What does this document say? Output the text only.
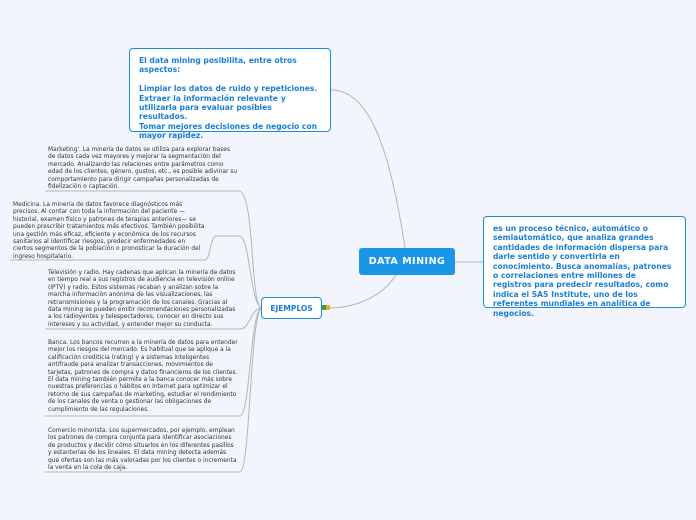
El data mining posibilita, entre otros aspectos:

Limpiar los datos de ruido y repeticiones.
Extraer la información relevante y utilizarla para evaluar posibles resultados.
Tomar mejores decisiones de negocio con mayor rapidez.
es un proceso técnico, automático o semiautomático, que analiza grandes cantidades de información dispersa para darle sentido y convertirla en conocimiento. Busca anomalías, patrones o correlaciones entre millones de registros para predecir resultados, como indica el SAS Institute, uno de los referentes mundiales en analítica de negocios.
DATA MINING
EJEMPLOS
Marketing'. La minería de datos se utiliza para explorar bases de datos cada vez mayores y mejorar la segmentación del mercado. Analizando las relaciones entre parámetros como edad de los clientes, género, gustos, etc., es posible adivinar su comportamiento para dirigir campañas personalizadas de fidelización o captación.
Medicina. La minería de datos favorece diagnósticos más precisos. Al contar con toda la información del paciente — historial, examen físico y patrones de terapias anteriores— se pueden prescribir tratamientos más efectivos. También posibilita una gestión más eficaz, eficiente y económica de los recursos sanitarios al identificar riesgos, predecir enfermedades en ciertos segmentos de la población o pronosticar la duración del ingreso hospitalario.
Televisión y radio. Hay cadenas que aplican la minería de datos en tiempo real a sus registros de audiencia en televisión online (IPTV) y radio. Estos sistemas recaban y analizan sobre la marcha información anónima de las visualizaciones, las retransmisiones y la programación de los canales. Gracias al data mining se pueden emitir recomendaciones personalizadas a los radioyentes y telespectadores, conocer en directo sus intereses y su actividad, y entender mejor su conducta.
Banca. Los bancos recurren a la minería de datos para entender mejor los riesgos del mercado. Es habitual que se aplique a la calificación crediticia (rating) y a sistemas inteligentes antifraude para analizar transacciones, movimientos de tarjetas, patrones de compra y datos financieros de los clientes. El data mining también permite a la banca conocer más sobre nuestras preferencias o hábitos en Internet para optimizar el retorno de sus campañas de marketing, estudiar el rendimiento de los canales de venta o gestionar las obligaciones de cumplimiento de las regulaciones.
Comercio minorista. Los supermercados, por ejemplo, emplean los patrones de compra conjunta para identificar asociaciones de productos y decidir cómo situarlos en los diferentes pasillos y estanterías de los lineales. El data mining detecta además qué ofertas son las más valoradas por los clientes o incrementa la venta en la cola de caja.
